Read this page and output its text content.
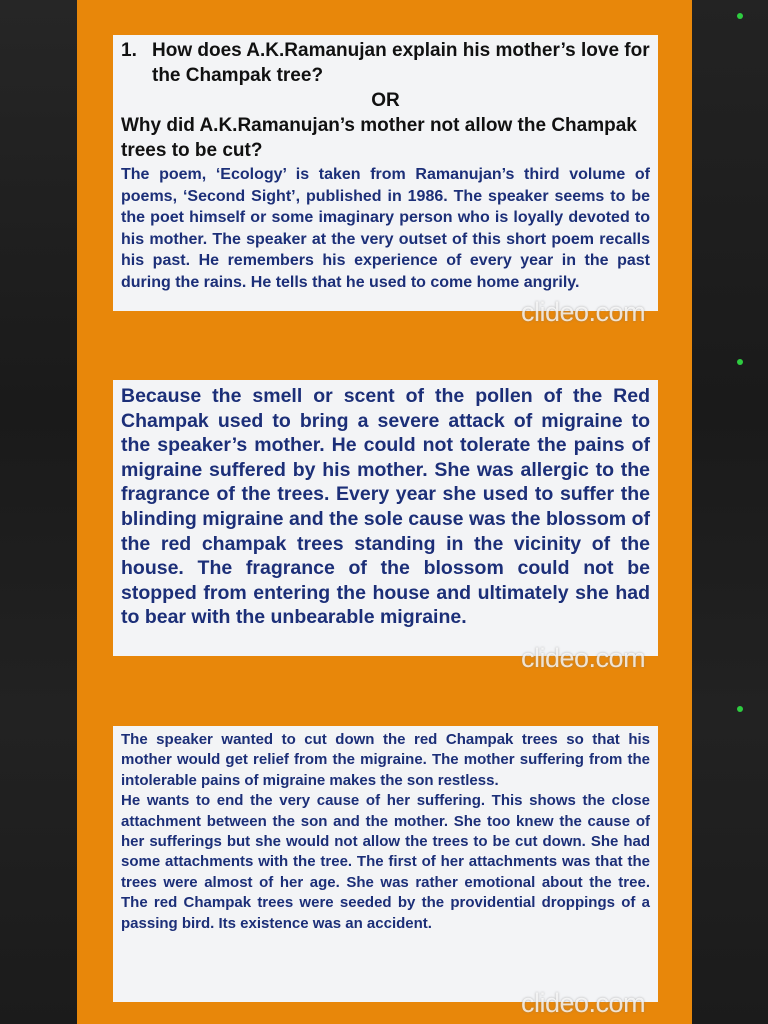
1. How does A.K.Ramanujan explain his mother’s love for the Champak tree?

OR

Why did A.K.Ramanujan’s mother not allow the Champak trees to be cut?

The poem, ‘Ecology’ is taken from Ramanujan’s third volume of poems, ‘Second Sight’, published in 1986. The speaker seems to be the poet himself or some imaginary person who is loyally devoted to his mother. The speaker at the very outset of this short poem recalls his past. He remembers his experience of every year in the past during the rains. He tells that he used to come home angrily.

clideo.com

Because the smell or scent of the pollen of the Red Champak used to bring a severe attack of migraine to the speaker’s mother. He could not tolerate the pains of migraine suffered by his mother. She was allergic to the fragrance of the trees. Every year she used to suffer the blinding migraine and the sole cause was the blossom of the red champak trees standing in the vicinity of the house. The fragrance of the blossom could not be stopped from entering the house and ultimately she had to bear with the unbearable migraine.

clideo.com

The speaker wanted to cut down the red Champak trees so that his mother would get relief from the migraine. The mother suffering from the intolerable pains of migraine makes the son restless.

He wants to end the very cause of her suffering. This shows the close attachment between the son and the mother. She too knew the cause of her sufferings but she would not allow the trees to be cut down. She had some attachments with the tree. The first of her attachments was that the trees were almost of her age. She was rather emotional about the tree. The red Champak trees were seeded by the providential droppings of a passing bird. Its existence was an accident.

clideo.com
